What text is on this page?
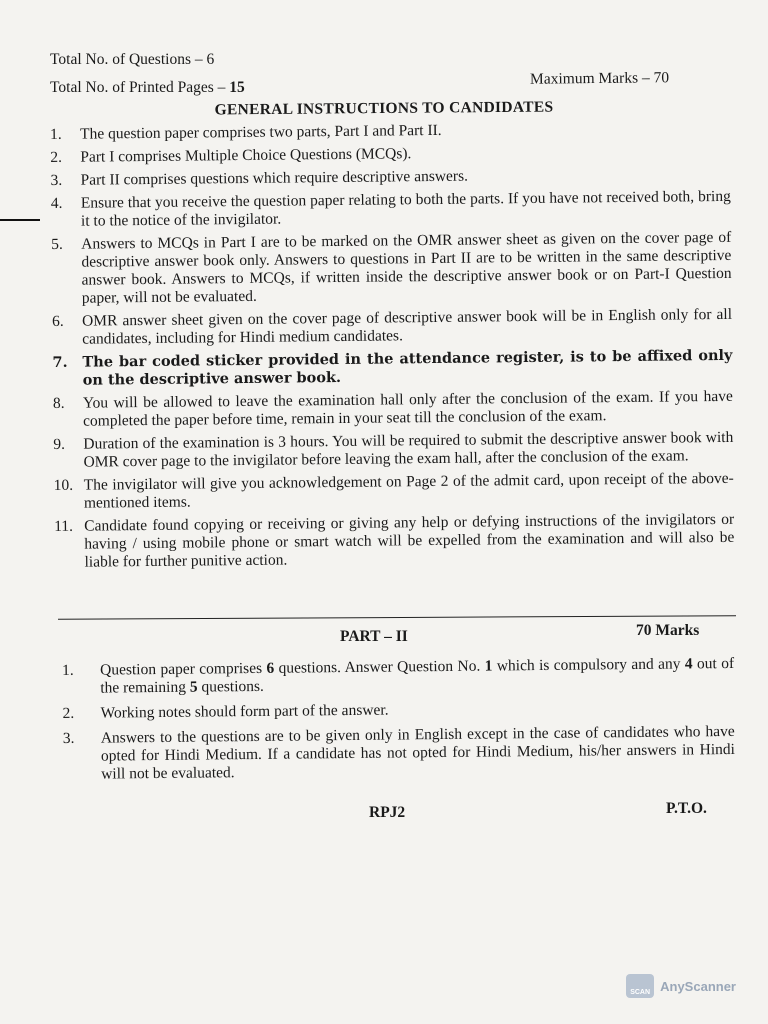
Total No. of Questions – 6
Total No. of Printed Pages – 15	Maximum Marks – 70
GENERAL INSTRUCTIONS TO CANDIDATES
1.	The question paper comprises two parts, Part I and Part II.
2.	Part I comprises Multiple Choice Questions (MCQs).
3.	Part II comprises questions which require descriptive answers.
4.	Ensure that you receive the question paper relating to both the parts. If you have not received both, bring it to the notice of the invigilator.
5.	Answers to MCQs in Part I are to be marked on the OMR answer sheet as given on the cover page of descriptive answer book only. Answers to questions in Part II are to be written in the same descriptive answer book. Answers to MCQs, if written inside the descriptive answer book or on Part-I Question paper, will not be evaluated.
6.	OMR answer sheet given on the cover page of descriptive answer book will be in English only for all candidates, including for Hindi medium candidates.
7.	The bar coded sticker provided in the attendance register, is to be affixed only on the descriptive answer book.
8.	You will be allowed to leave the examination hall only after the conclusion of the exam. If you have completed the paper before time, remain in your seat till the conclusion of the exam.
9.	Duration of the examination is 3 hours. You will be required to submit the descriptive answer book with OMR cover page to the invigilator before leaving the exam hall, after the conclusion of the exam.
10. The invigilator will give you acknowledgement on Page 2 of the admit card, upon receipt of the above-mentioned items.
11. Candidate found copying or receiving or giving any help or defying instructions of the invigilators or having / using mobile phone or smart watch will be expelled from the examination and will also be liable for further punitive action.
PART – II	70 Marks
1.	Question paper comprises 6 questions. Answer Question No. 1 which is compulsory and any 4 out of the remaining 5 questions.
2.	Working notes should form part of the answer.
3.	Answers to the questions are to be given only in English except in the case of candidates who have opted for Hindi Medium. If a candidate has not opted for Hindi Medium, his/her answers in Hindi will not be evaluated.
RPJ2	P.T.O.
SCAN AnyScanner
